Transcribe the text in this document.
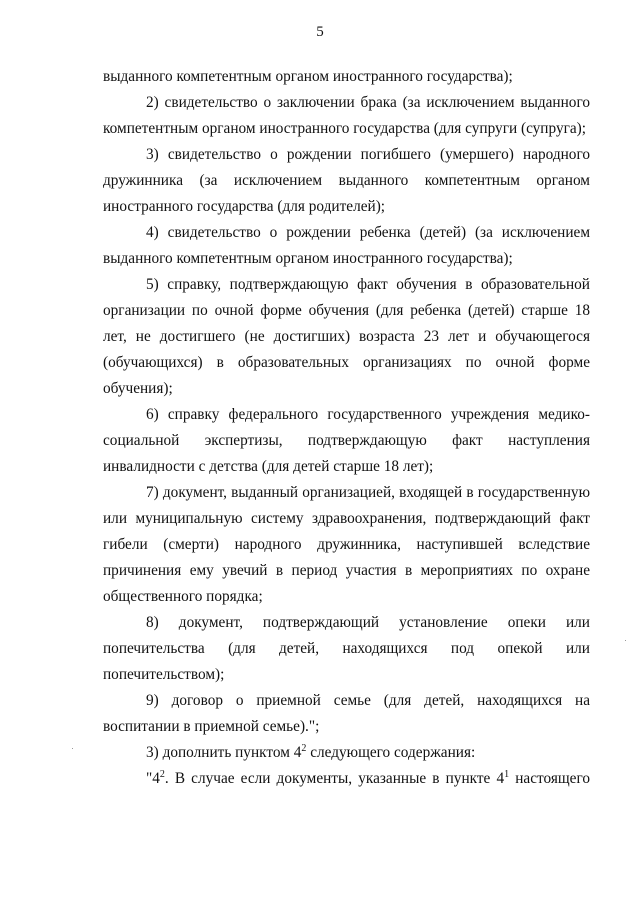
5

выданного компетентным органом иностранного государства);

2) свидетельство о заключении брака (за исключением выданного компетентным органом иностранного государства (для супруги (супруга);

3) свидетельство о рождении погибшего (умершего) народного дружинника (за исключением выданного компетентным органом иностранного государства (для родителей);

4) свидетельство о рождении ребенка (детей) (за исключением выданного компетентным органом иностранного государства);

5) справку, подтверждающую факт обучения в образовательной организации по очной форме обучения (для ребенка (детей) старше 18 лет, не достигшего (не достигших) возраста 23 лет и обучающегося (обучающихся) в образовательных организациях по очной форме обучения);

6) справку федерального государственного учреждения медико-социальной экспертизы, подтверждающую факт наступления инвалидности с детства (для детей старше 18 лет);

7) документ, выданный организацией, входящей в государственную или муниципальную систему здравоохранения, подтверждающий факт гибели (смерти) народного дружинника, наступившей вследствие причинения ему увечий в период участия в мероприятиях по охране общественного порядка;

8) документ, подтверждающий установление опеки или попечительства (для детей, находящихся под опекой или попечительством);

9) договор о приемной семье (для детей, находящихся на воспитании в приемной семье).";

3) дополнить пунктом $4^2$ следующего содержания:

"$4^2$. В случае если документы, указанные в пункте $4^1$ настоящего
